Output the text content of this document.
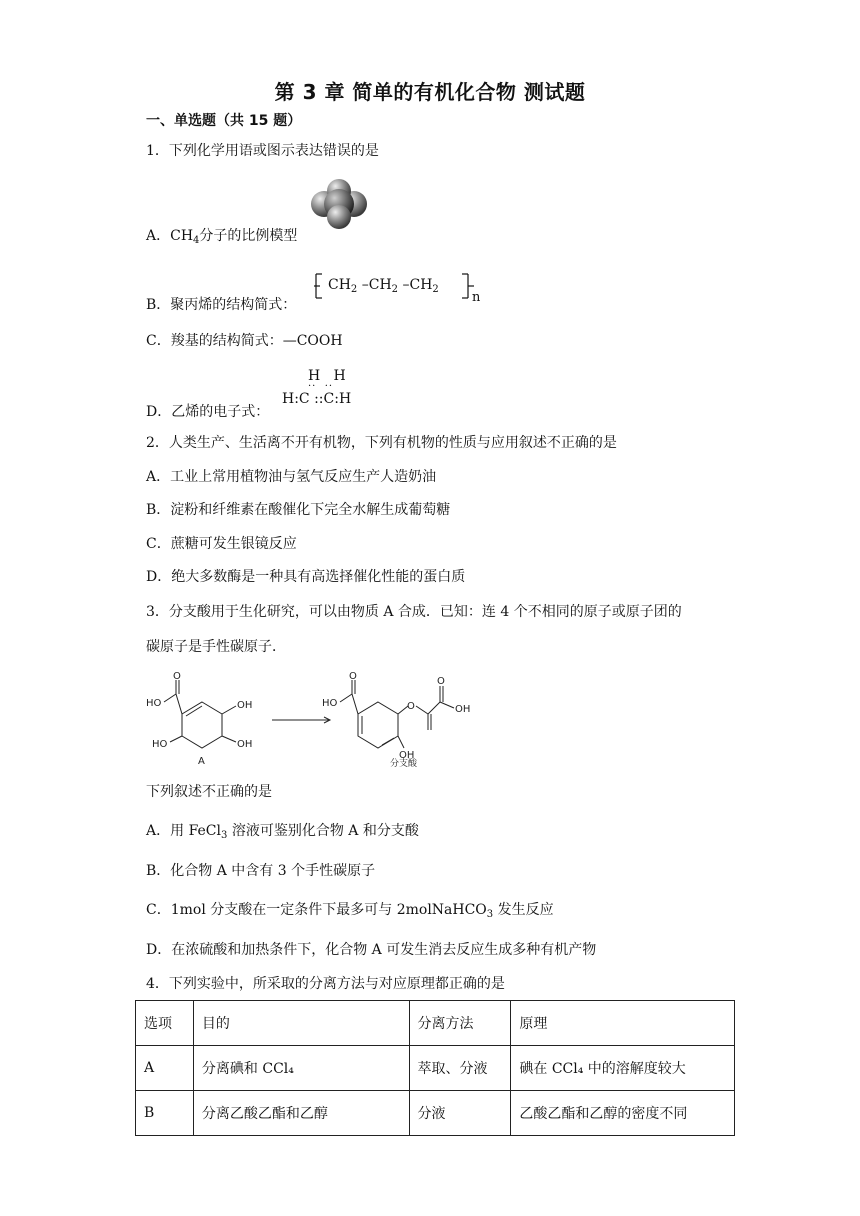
第 3 章 简单的有机化合物 测试题
一、单选题（共 15 题）
1．下列化学用语或图示表达错误的是
A．$CH_4$分子的比例模型
$CH_2$ $-CH_2$ $-CH_2$
n
B．聚丙烯的结构简式：
C．羧基的结构简式：—COOH
H   H
··  ··
H:C ::C:H
D．乙烯的电子式：
2．人类生产、生活离不开有机物，下列有机物的性质与应用叙述不正确的是
A．工业上常用植物油与氢气反应生产人造奶油
B．淀粉和纤维素在酸催化下完全水解生成葡萄糖
C．蔗糖可发生银镜反应
D．绝大多数酶是一种具有高选择催化性能的蛋白质
3．分支酸用于生化研究，可以由物质 A 合成．已知：连 4 个不相同的原子或原子团的
碳原子是手性碳原子．
HO	OH
OH
HO
O
A
HO
O
O
O
OH
OH
分支酸
下列叙述不正确的是
A．用 FeCl$_3$ 溶液可鉴别化合物 A 和分支酸
B．化合物 A 中含有 3 个手性碳原子
C．1mol 分支酸在一定条件下最多可与 2molNaHCO$_3$ 发生反应
D．在浓硫酸和加热条件下，化合物 A 可发生消去反应生成多种有机产物
4．下列实验中，所采取的分离方法与对应原理都正确的是
选项	目的	分离方法	原理
A	分离碘和 CCl₄	萃取、分液	碘在 CCl₄ 中的溶解度较大
B	分离乙酸乙酯和乙醇	分液	乙酸乙酯和乙醇的密度不同
